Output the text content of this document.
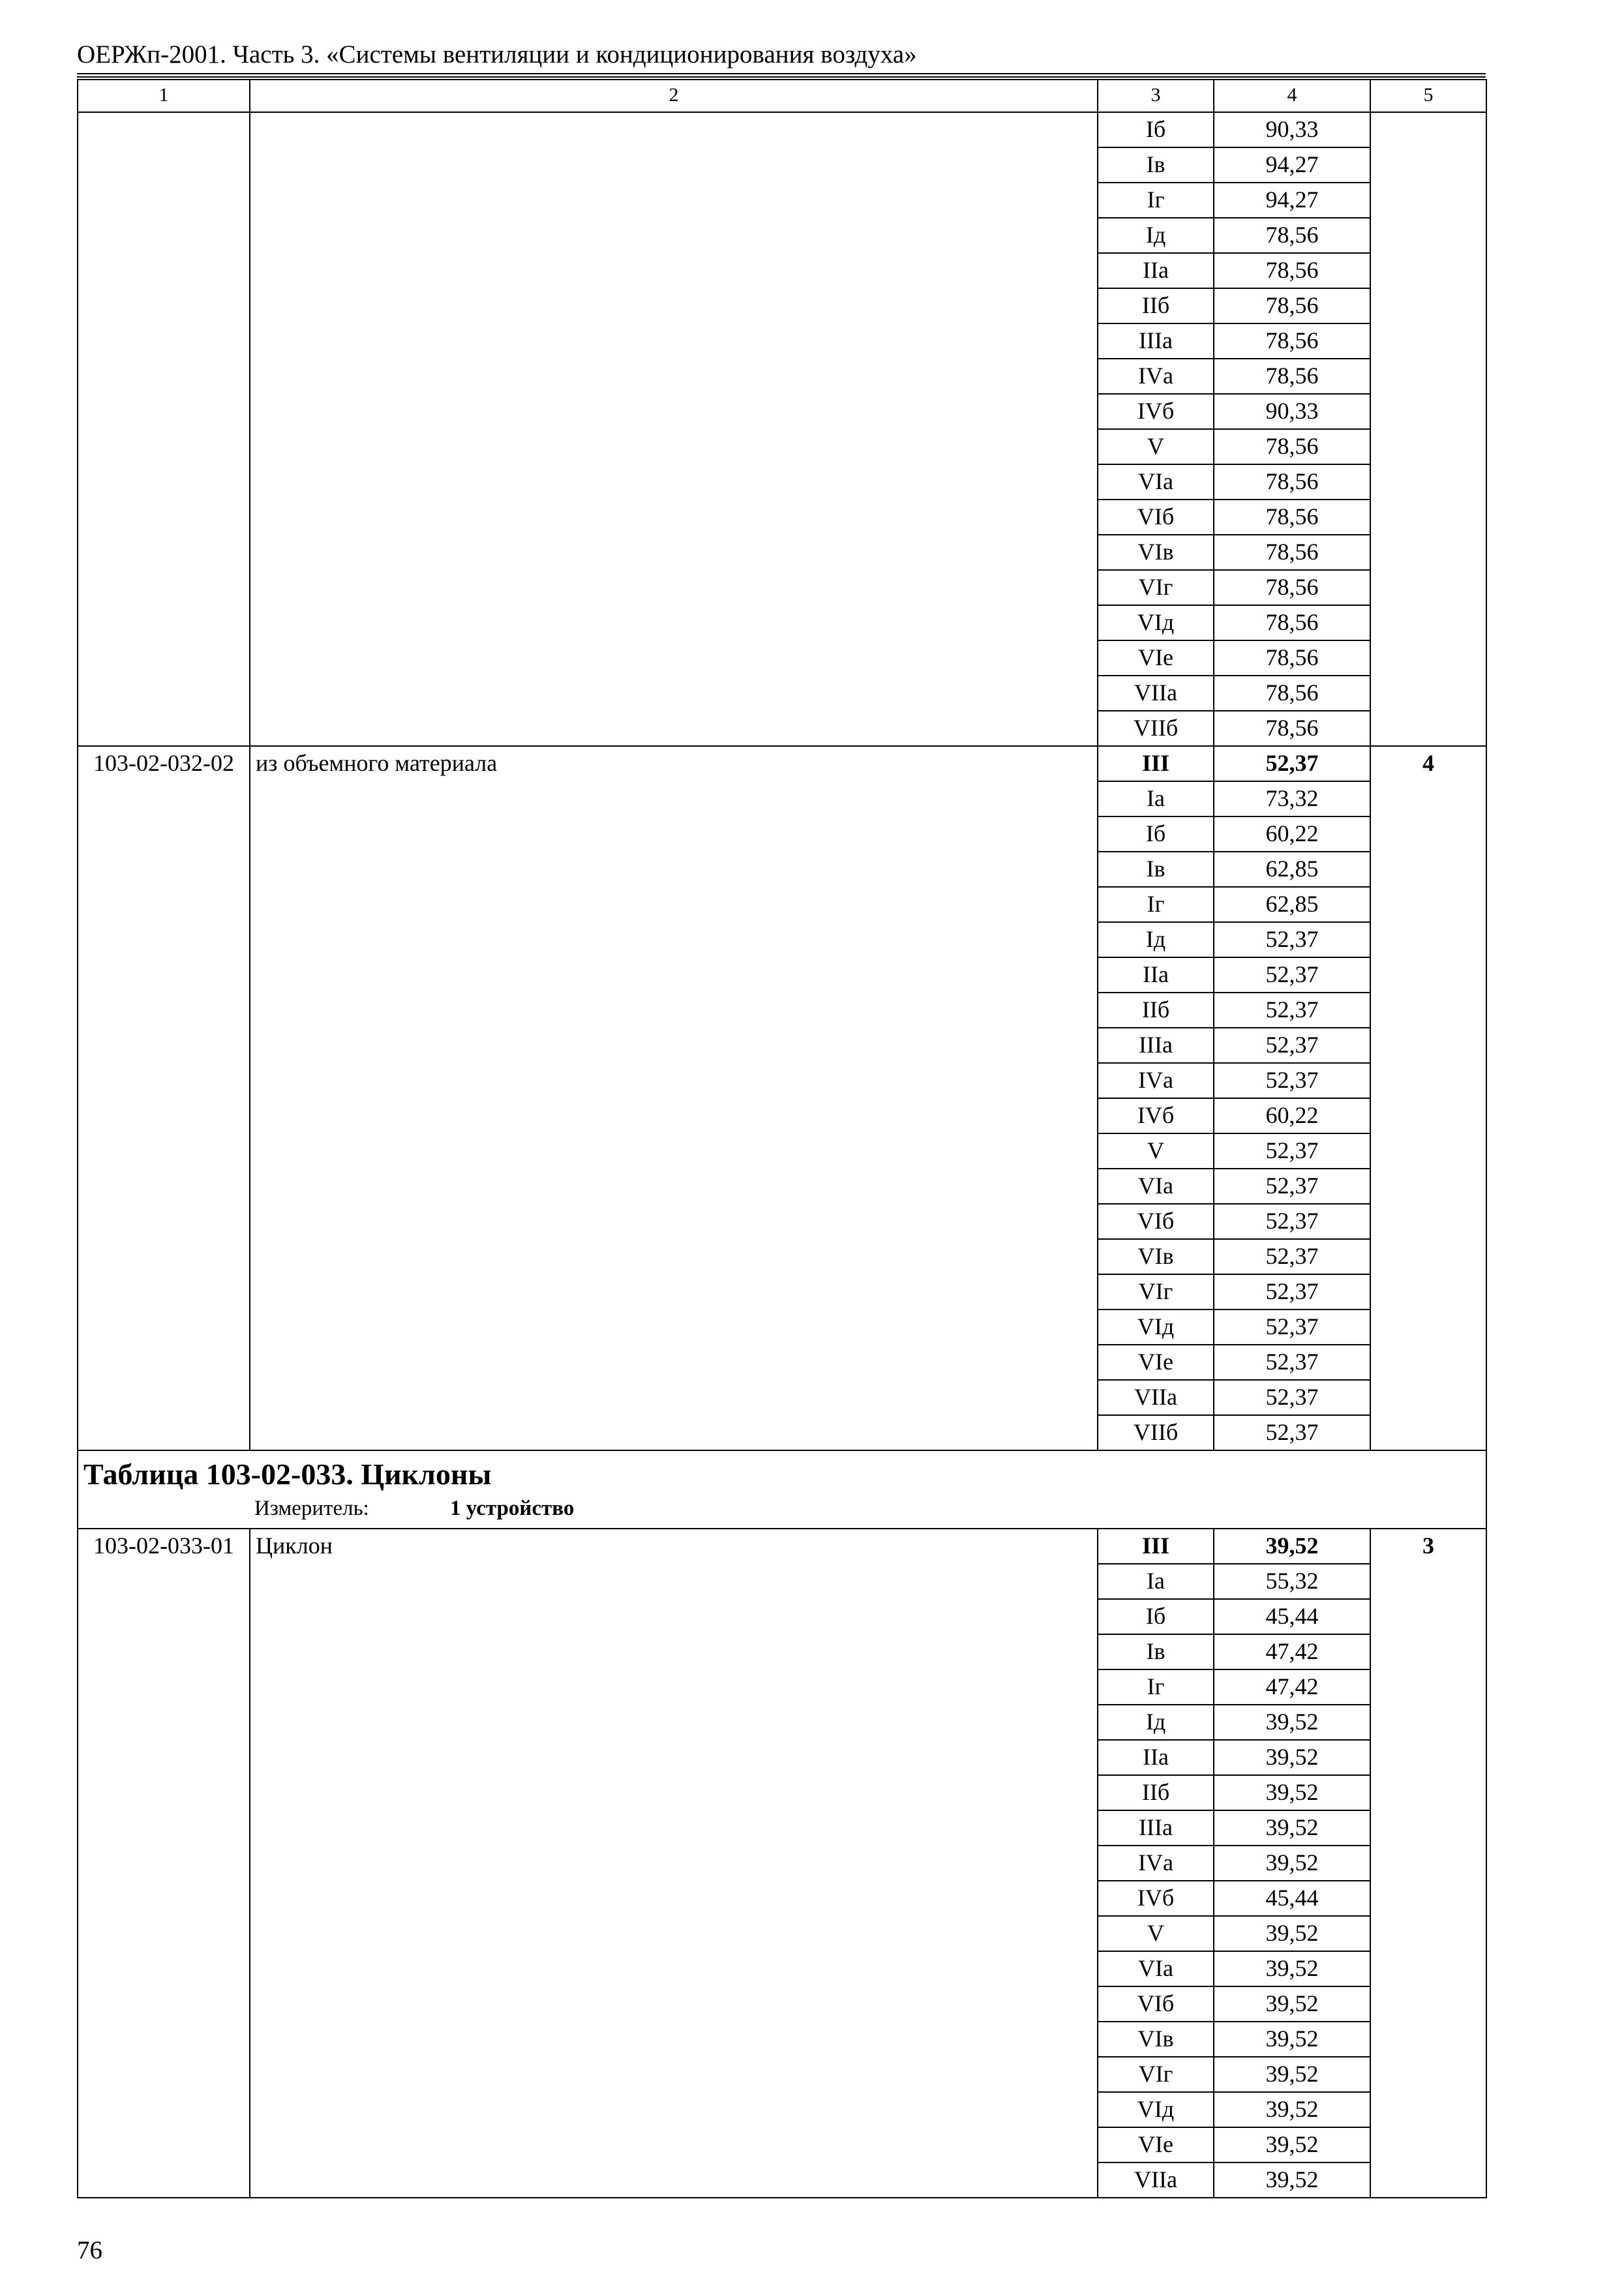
ОЕРЖп-2001. Часть 3. «Системы вентиляции и кондиционирования воздуха»
1	2	3	4	5
		Iб	90,33	
		Iв	94,27	
		Iг	94,27	
		Iд	78,56	
		IIа	78,56	
		IIб	78,56	
		IIIа	78,56	
		IVа	78,56	
		IVб	90,33	
		V	78,56	
		VIа	78,56	
		VIб	78,56	
		VIв	78,56	
		VIг	78,56	
		VIд	78,56	
		VIе	78,56	
		VIIа	78,56	
		VIIб	78,56	
103-02-032-02	из объемного материала	III	52,37	4
		Iа	73,32	
		Iб	60,22	
		Iв	62,85	
		Iг	62,85	
		Iд	52,37	
		IIа	52,37	
		IIб	52,37	
		IIIа	52,37	
		IVа	52,37	
		IVб	60,22	
		V	52,37	
		VIа	52,37	
		VIб	52,37	
		VIв	52,37	
		VIг	52,37	
		VIд	52,37	
		VIе	52,37	
		VIIа	52,37	
		VIIб	52,37	

Таблица 103-02-033. Циклоны
Измеритель: 1 устройство				

103-02-033-01	Циклон	III	39,52	3
		Iа	55,32	
		Iб	45,44	
		Iв	47,42	
		Iг	47,42	
		Iд	39,52	
		IIа	39,52	
		IIб	39,52	
		IIIа	39,52	
		IVа	39,52	
		IVб	45,44	
		V	39,52	
		VIа	39,52	
		VIб	39,52	
		VIв	39,52	
		VIг	39,52	
		VIд	39,52	
		VIе	39,52	
		VIIа	39,52	
76
